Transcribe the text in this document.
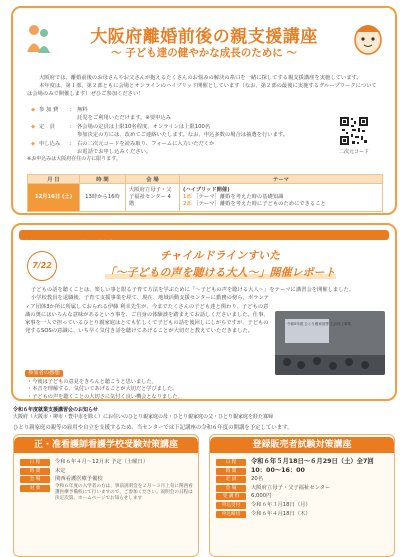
大阪府離婚前後の親支援講座
～ 子ども達の健やかな成長のために ～

大阪府では、離婚前後のお母さんやお父さんが抱えるたくさんのお悩みの解決の糸口を一緒に探してする親支援講座を実施しています。

本年度は、第１部、第２部ともに会場とオンラインのハイブリッド開催としています（なお、第２部の最後に実施するグループワークについては会場のみで開催します）ぜひご参加ください！

◆ 参 加 費	： 無料
託児をご利用いただけます。※要申込み
◆ 定　員	： 各会場の定員は上限10名程度、オンラインは上限100名
参加決定の方には、改めてご連絡いたします。なお、申込多数の場合は抽選を行います。
◆ 申し込み	： 右の二次元コードを読み取り、フォームに入力いただくか
お電話でお申し込みください。	二次元コード
※お申込みは大阪府在住の方に限ります。
月 日	時 間	会 場	テーマ
12月16日 (土)	13時から16時	大阪府立母子・父子福祉センター 4階	(ハイブリッド開催)
1部 ［テーマ］離婚を考えた時の基礎知識
2部 ［テーマ］離婚を考えた時に子どものためにできること
大阪府ひとり親家庭等生活向上事業
7/22
チャイルドラインすいた
「～子どもの声を聴ける大人～」開催レポート

子どもの話を聴くことは、楽しい事と限る子育て方法を学ぶために「～子どもの声を聴ける大人～」をテーマに講習会を開催しました。

小学校教員を退職後、子育て支援事業を経て、現在、地域活動支援センターに勤務の傍ら、ボランティア団体3か所に所属しておられる伊藤 利幸先生が、今までたくさんの子ども達と関わり、子どもの意識の奥にはいろんな意味があるという事を、ご自身の体験談を踏まえてお話しくださいました。仕事、家事を一人で担っているひとり親家庭はとても忙しくて子どもの話を後回しにしがちですが、子どもの発するSOSの意識に、いち早く気付き話を聴けてあげることが大切だと教えていただきました。

令和5年度 ひとり親家庭等 生活向上事業
参加者の感想
・今後は子どもの意見をきちんと聴こうと思いました。
・本音を理解する、気付いてあげることが大切だと学びました。
・子どもの声を聴くことの大切さに気付く良い機会となりました。
令和６年度就業支援講習会のお知らせ
大阪府（大阪市・堺市・豊中市を除く）にお住いのひとり親家庭の母・ひとり親家庭の父・ひとり親家庭を経た寡婦
ひとり親家庭の親等の雇用や自立を支援するため、当センターでは下記講座の令和６年度の開講を予定しています。
正・准看護師看護学校受験対策講座
日 程	令和６年４月～12月末 予定（土曜日）
時 間	未定
会 場	関西看護医療予備校
対 象	令和６年度の入学者の方は、事前説明会を２月～３月上旬に関西看護医療予備校にて行いますので、ご参加ください。説明会の日程は決定次第、ホームページでお知らせします
登録販売者試験対策講座
日 程	令和６年５月18日～６月29日（土）全7回
時 間	10：00～16：00
定 員	20名
会 場	大阪府立母子・父子福祉センター
受 講 料	6,000円
申込受付	令和６年３月18日（月）
申込締切	令和６年４月18日（木）
